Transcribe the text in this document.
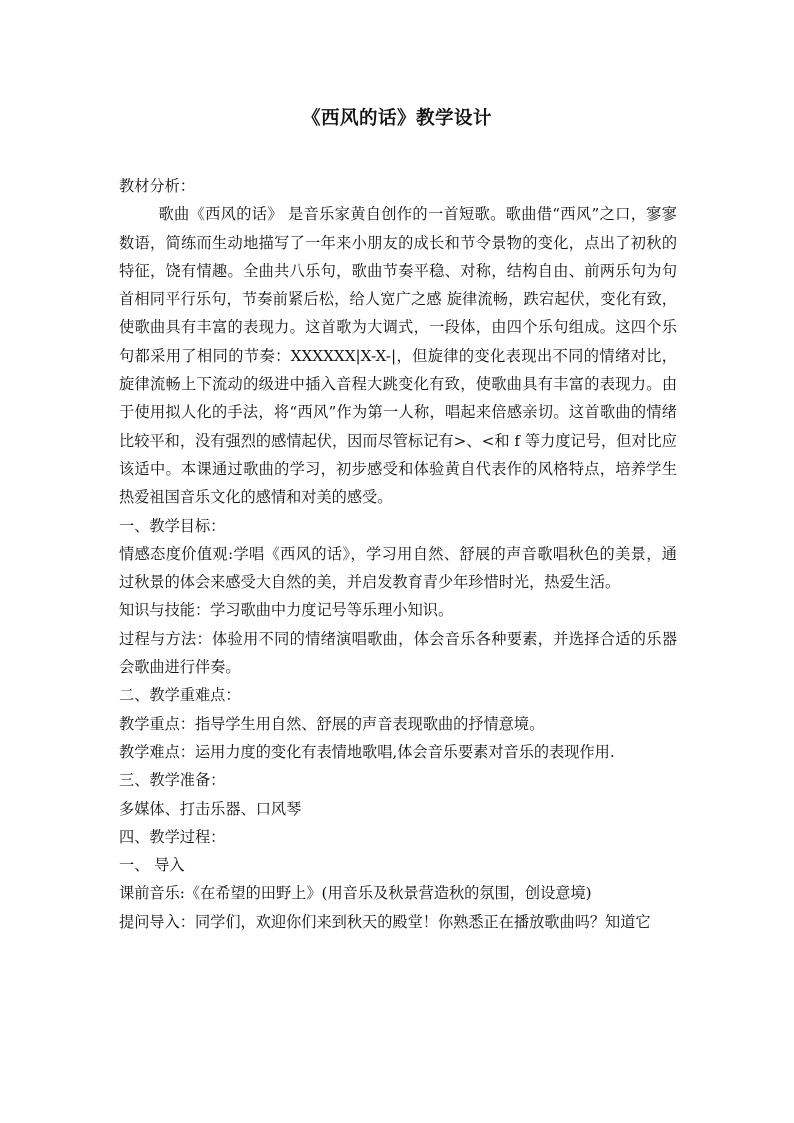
《西风的话》教学设计

教材分析：

歌曲《西风的话》 是音乐家黄自创作的一首短歌。歌曲借“西风”之口，寥寥数语，简练而生动地描写了一年来小朋友的成长和节令景物的变化，点出了初秋的特征，饶有情趣。全曲共八乐句，歌曲节奏平稳、对称，结构自由、前两乐句为句首相同平行乐句，节奏前紧后松，给人宽广之感 旋律流畅，跌宕起伏，变化有致，使歌曲具有丰富的表现力。这首歌为大调式，一段体，由四个乐句组成。这四个乐句都采用了相同的节奏：XXXXXX|X-X-|，但旋律的变化表现出不同的情绪对比，旋律流畅上下流动的级进中插入音程大跳变化有致，使歌曲具有丰富的表现力。由于使用拟人化的手法，将“西风”作为第一人称，唱起来倍感亲切。这首歌曲的情绪比较平和，没有强烈的感情起伏，因而尽管标记有>、<和 f 等力度记号，但对比应该适中。本课通过歌曲的学习，初步感受和体验黄自代表作的风格特点，培养学生热爱祖国音乐文化的感情和对美的感受。

一、教学目标：

情感态度价值观:学唱《西风的话》，学习用自然、舒展的声音歌唱秋色的美景，通过秋景的体会来感受大自然的美，并启发教育青少年珍惜时光，热爱生活。

知识与技能：学习歌曲中力度记号等乐理小知识。

过程与方法：体验用不同的情绪演唱歌曲，体会音乐各种要素，并选择合适的乐器会歌曲进行伴奏。

二、教学重难点：

教学重点：指导学生用自然、舒展的声音表现歌曲的抒情意境。

教学难点：运用力度的变化有表情地歌唱,体会音乐要素对音乐的表现作用.

三、教学准备：

多媒体、打击乐器、口风琴

四、教学过程：

一、 导入

课前音乐:《在希望的田野上》(用音乐及秋景营造秋的氛围，创设意境)

提问导入：同学们，欢迎你们来到秋天的殿堂！你熟悉正在播放歌曲吗？知道它
